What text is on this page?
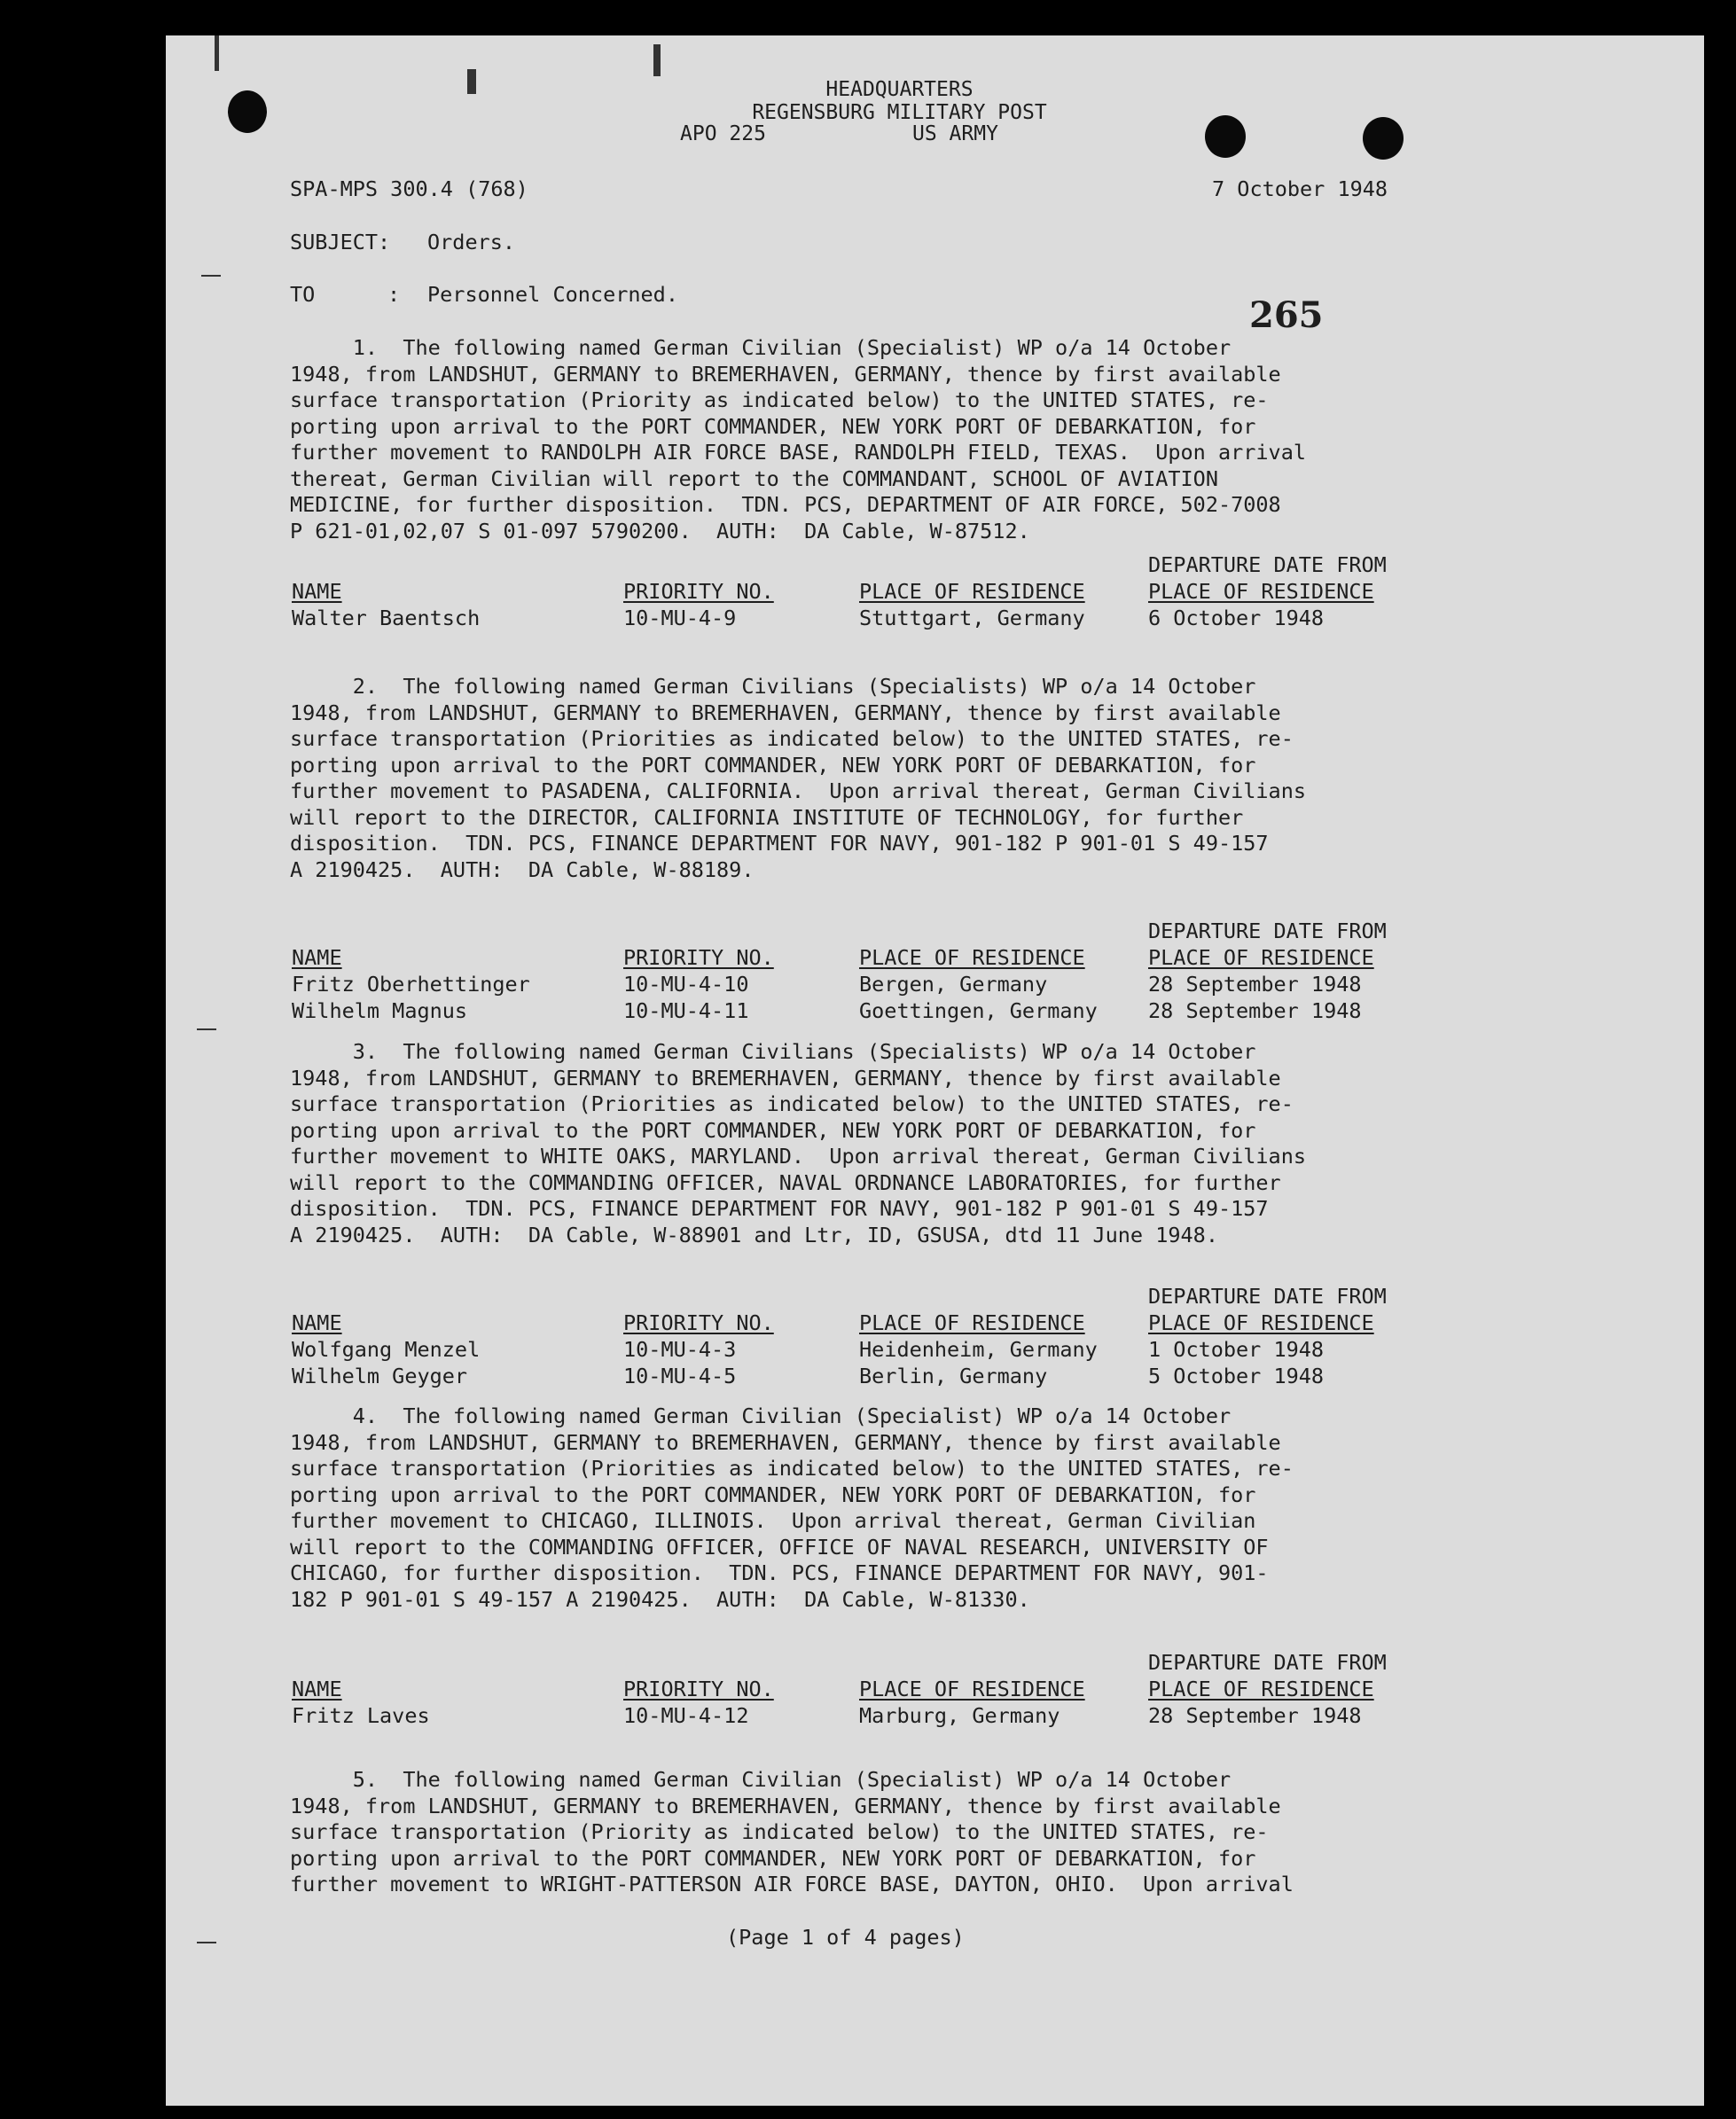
HEADQUARTERS
REGENSBURG MILITARY POST
APO 225	US ARMY
SPA-MPS 300.4 (768)	7 October 1948
SUBJECT: Orders.
TO	: Personnel Concerned.	265
1.  The following named German Civilian (Specialist) WP o/a 14 October
1948, from LANDSHUT, GERMANY to BREMERHAVEN, GERMANY, thence by first available
surface transportation (Priority as indicated below) to the UNITED STATES, re-
porting upon arrival to the PORT COMMANDER, NEW YORK PORT OF DEBARKATION, for
further movement to RANDOLPH AIR FORCE BASE, RANDOLPH FIELD, TEXAS.  Upon arrival
thereat, German Civilian will report to the COMMANDANT, SCHOOL OF AVIATION
MEDICINE, for further disposition.  TDN. PCS, DEPARTMENT OF AIR FORCE, 502-7008
P 621-01,02,07 S 01-097 5790200.  AUTH:  DA Cable, W-87512.
DEPARTURE DATE FROM
NAME	PRIORITY NO.	PLACE OF RESIDENCE	PLACE OF RESIDENCE
Walter Baentsch	10-MU-4-9	Stuttgart, Germany	6 October 1948
2.  The following named German Civilians (Specialists) WP o/a 14 October
1948, from LANDSHUT, GERMANY to BREMERHAVEN, GERMANY, thence by first available
surface transportation (Priorities as indicated below) to the UNITED STATES, re-
porting upon arrival to the PORT COMMANDER, NEW YORK PORT OF DEBARKATION, for
further movement to PASADENA, CALIFORNIA.  Upon arrival thereat, German Civilians
will report to the DIRECTOR, CALIFORNIA INSTITUTE OF TECHNOLOGY, for further
disposition.  TDN. PCS, FINANCE DEPARTMENT FOR NAVY, 901-182 P 901-01 S 49-157
A 2190425.  AUTH:  DA Cable, W-88189.
DEPARTURE DATE FROM
NAME	PRIORITY NO.	PLACE OF RESIDENCE	PLACE OF RESIDENCE
Fritz Oberhettinger	10-MU-4-10	Bergen, Germany	28 September 1948
Wilhelm Magnus	10-MU-4-11	Goettingen, Germany 28 September 1948
3.  The following named German Civilians (Specialists) WP o/a 14 October
1948, from LANDSHUT, GERMANY to BREMERHAVEN, GERMANY, thence by first available
surface transportation (Priorities as indicated below) to the UNITED STATES, re-
porting upon arrival to the PORT COMMANDER, NEW YORK PORT OF DEBARKATION, for
further movement to WHITE OAKS, MARYLAND.  Upon arrival thereat, German Civilians
will report to the COMMANDING OFFICER, NAVAL ORDNANCE LABORATORIES, for further
disposition.  TDN. PCS, FINANCE DEPARTMENT FOR NAVY, 901-182 P 901-01 S 49-157
A 2190425.  AUTH:  DA Cable, W-88901 and Ltr, ID, GSUSA, dtd 11 June 1948.
DEPARTURE DATE FROM
NAME	PRIORITY NO.	PLACE OF RESIDENCE	PLACE OF RESIDENCE
Wolfgang Menzel	10-MU-4-3	Heidenheim, Germany 1 October 1948
Wilhelm Geyger	10-MU-4-5	Berlin, Germany	5 October 1948
4.  The following named German Civilian (Specialist) WP o/a 14 October
1948, from LANDSHUT, GERMANY to BREMERHAVEN, GERMANY, thence by first available
surface transportation (Priorities as indicated below) to the UNITED STATES, re-
porting upon arrival to the PORT COMMANDER, NEW YORK PORT OF DEBARKATION, for
further movement to CHICAGO, ILLINOIS.  Upon arrival thereat, German Civilian
will report to the COMMANDING OFFICER, OFFICE OF NAVAL RESEARCH, UNIVERSITY OF
CHICAGO, for further disposition.  TDN. PCS, FINANCE DEPARTMENT FOR NAVY, 901-
182 P 901-01 S 49-157 A 2190425.  AUTH:  DA Cable, W-81330.
DEPARTURE DATE FROM
NAME	PRIORITY NO.	PLACE OF RESIDENCE	PLACE OF RESIDENCE
Fritz Laves	10-MU-4-12	Marburg, Germany	28 September 1948
5.  The following named German Civilian (Specialist) WP o/a 14 October
1948, from LANDSHUT, GERMANY to BREMERHAVEN, GERMANY, thence by first available
surface transportation (Priority as indicated below) to the UNITED STATES, re-
porting upon arrival to the PORT COMMANDER, NEW YORK PORT OF DEBARKATION, for
further movement to WRIGHT-PATTERSON AIR FORCE BASE, DAYTON, OHIO.  Upon arrival
(Page 1 of 4 pages)
